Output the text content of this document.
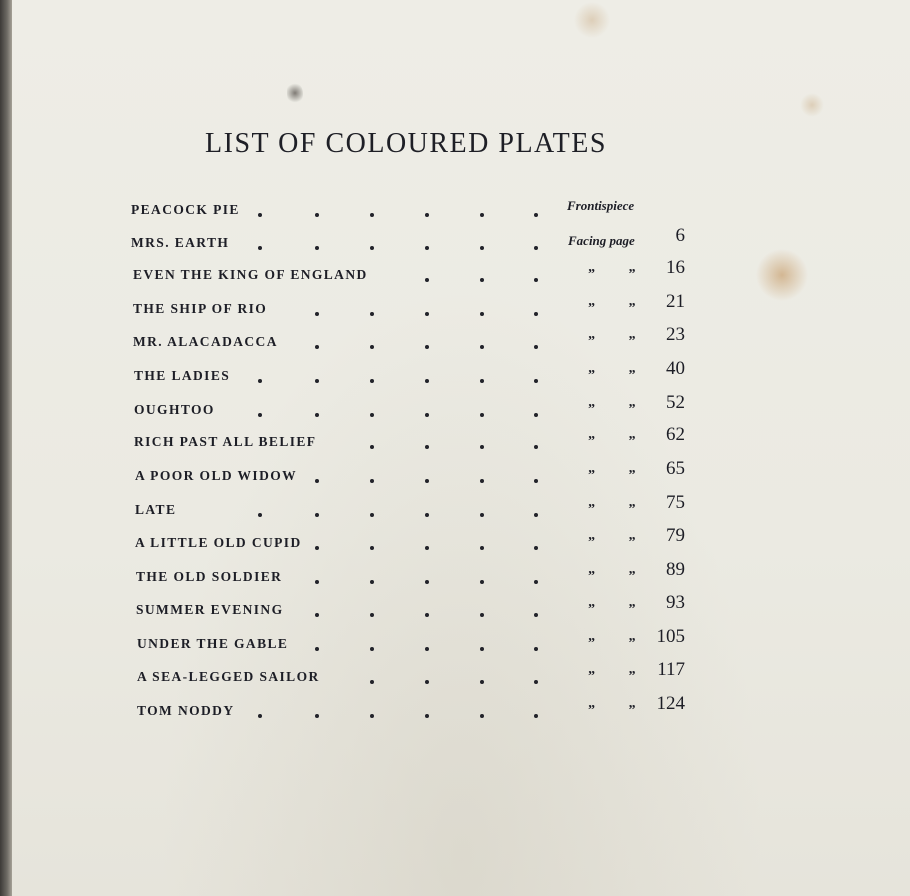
LIST OF COLOURED PLATES
PEACOCK PIE	Frontispiece
MRS. EARTH	Facing page	6
EVEN THE KING OF ENGLAND	” ”	16
THE SHIP OF RIO	” ”	21
MR. ALACADACCA	” ”	23
THE LADIES	” ”	40
OUGHTOO	” ”	52
RICH PAST ALL BELIEF	” ”	62
A POOR OLD WIDOW	” ”	65
LATE	” ”	75
A LITTLE OLD CUPID	” ”	79
THE OLD SOLDIER	” ”	89
SUMMER EVENING	” ”	93
UNDER THE GABLE	” ”	105
A SEA-LEGGED SAILOR	” ”	117
TOM NODDY	” ”	124
